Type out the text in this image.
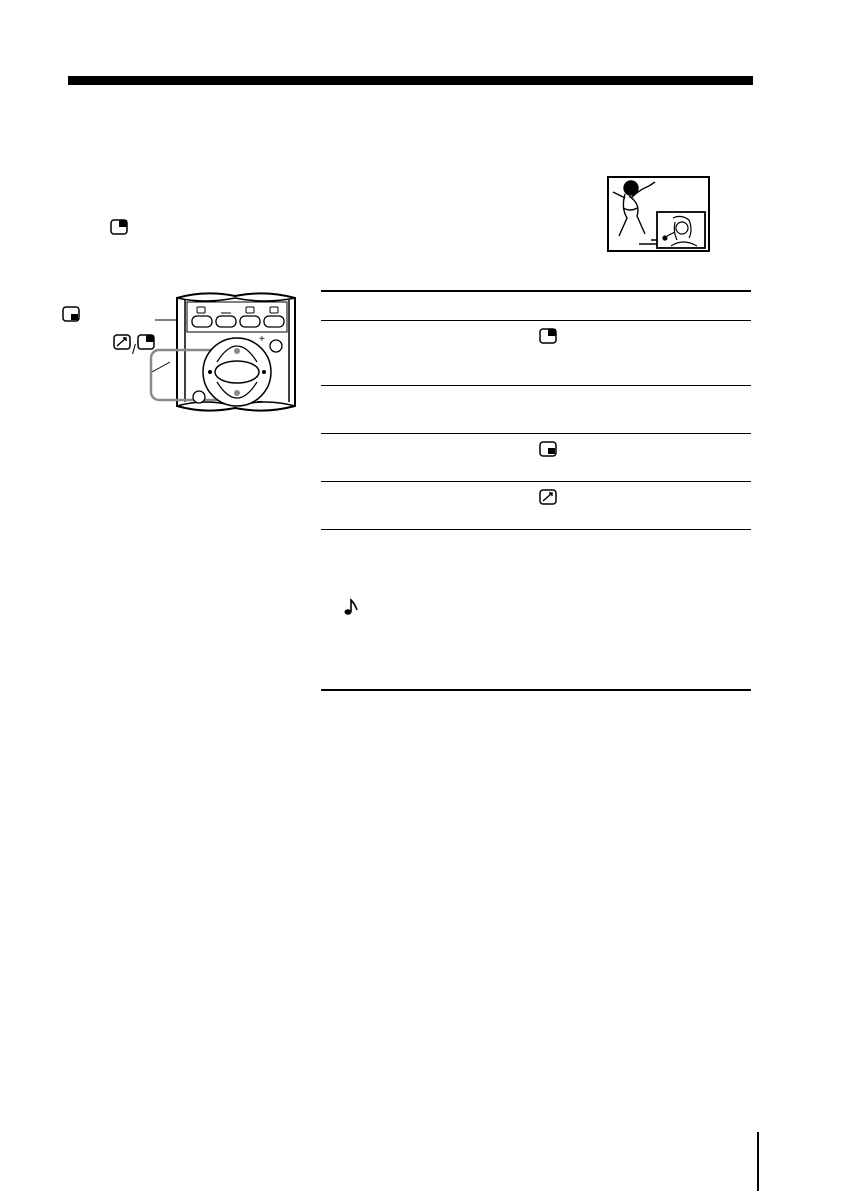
/
+
–
